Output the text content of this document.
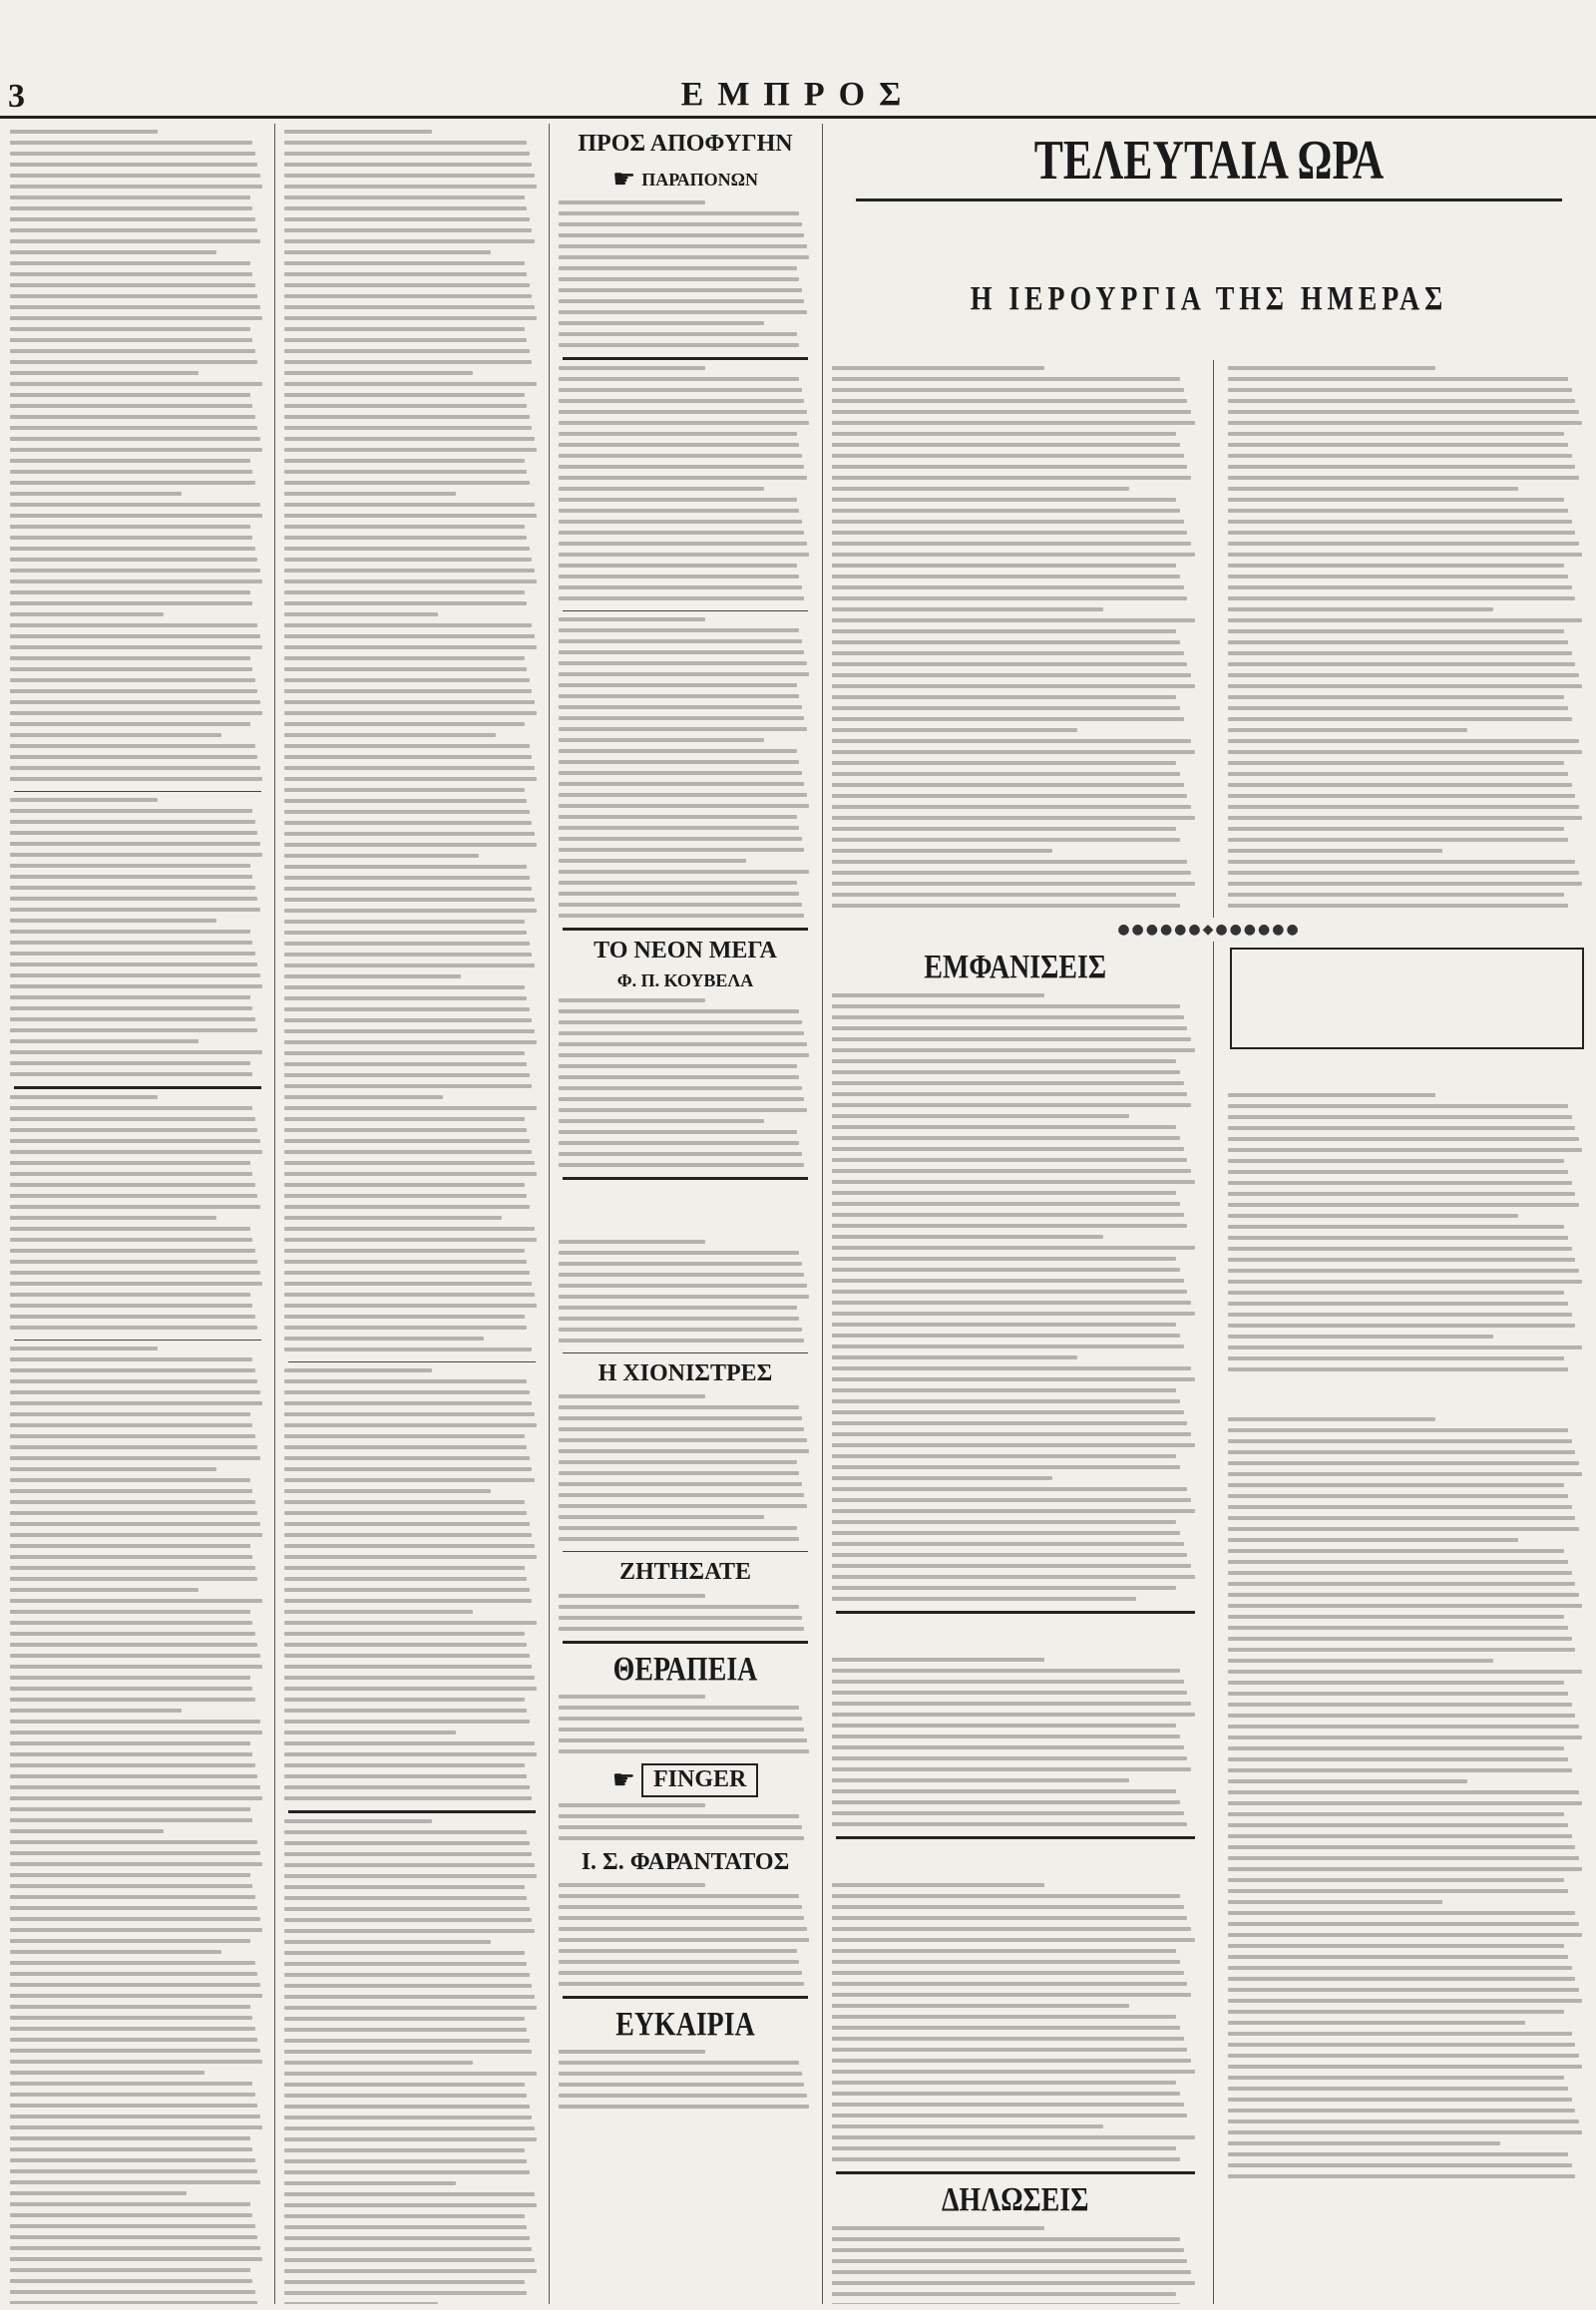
3	ΕΜΠΡΟΣ
ΠΡΟΣ ΑΠΟΦΥΓΗΝ
☛ ΠΑΡΑΠΟΝΩΝ
ΤΟ ΝΕΟΝ ΜΕΓΑ
Φ. Π. ΚΟΥΒΕΛΑ
Η ΧΙΟΝΙΣΤΡΕΣ
ΖΗΤΗΣΑΤΕ
ΘΕΡΑΠΕΙΑ
☛ FINGER
Ι. Σ. ΦΑΡΑΝΤΑΤΟΣ
ΕΥΚΑΙΡΙΑ
ΤΕΛΕΥΤΑΙΑ ΩΡΑ
Η ΙΕΡΟΥΡΓΙΑ ΤΗΣ ΗΜΕΡΑΣ
●●●●●●◆●●●●●●
ΕΜΦΑΝΙΣΕΙΣ
ΔΗΛΩΣΕΙΣ
